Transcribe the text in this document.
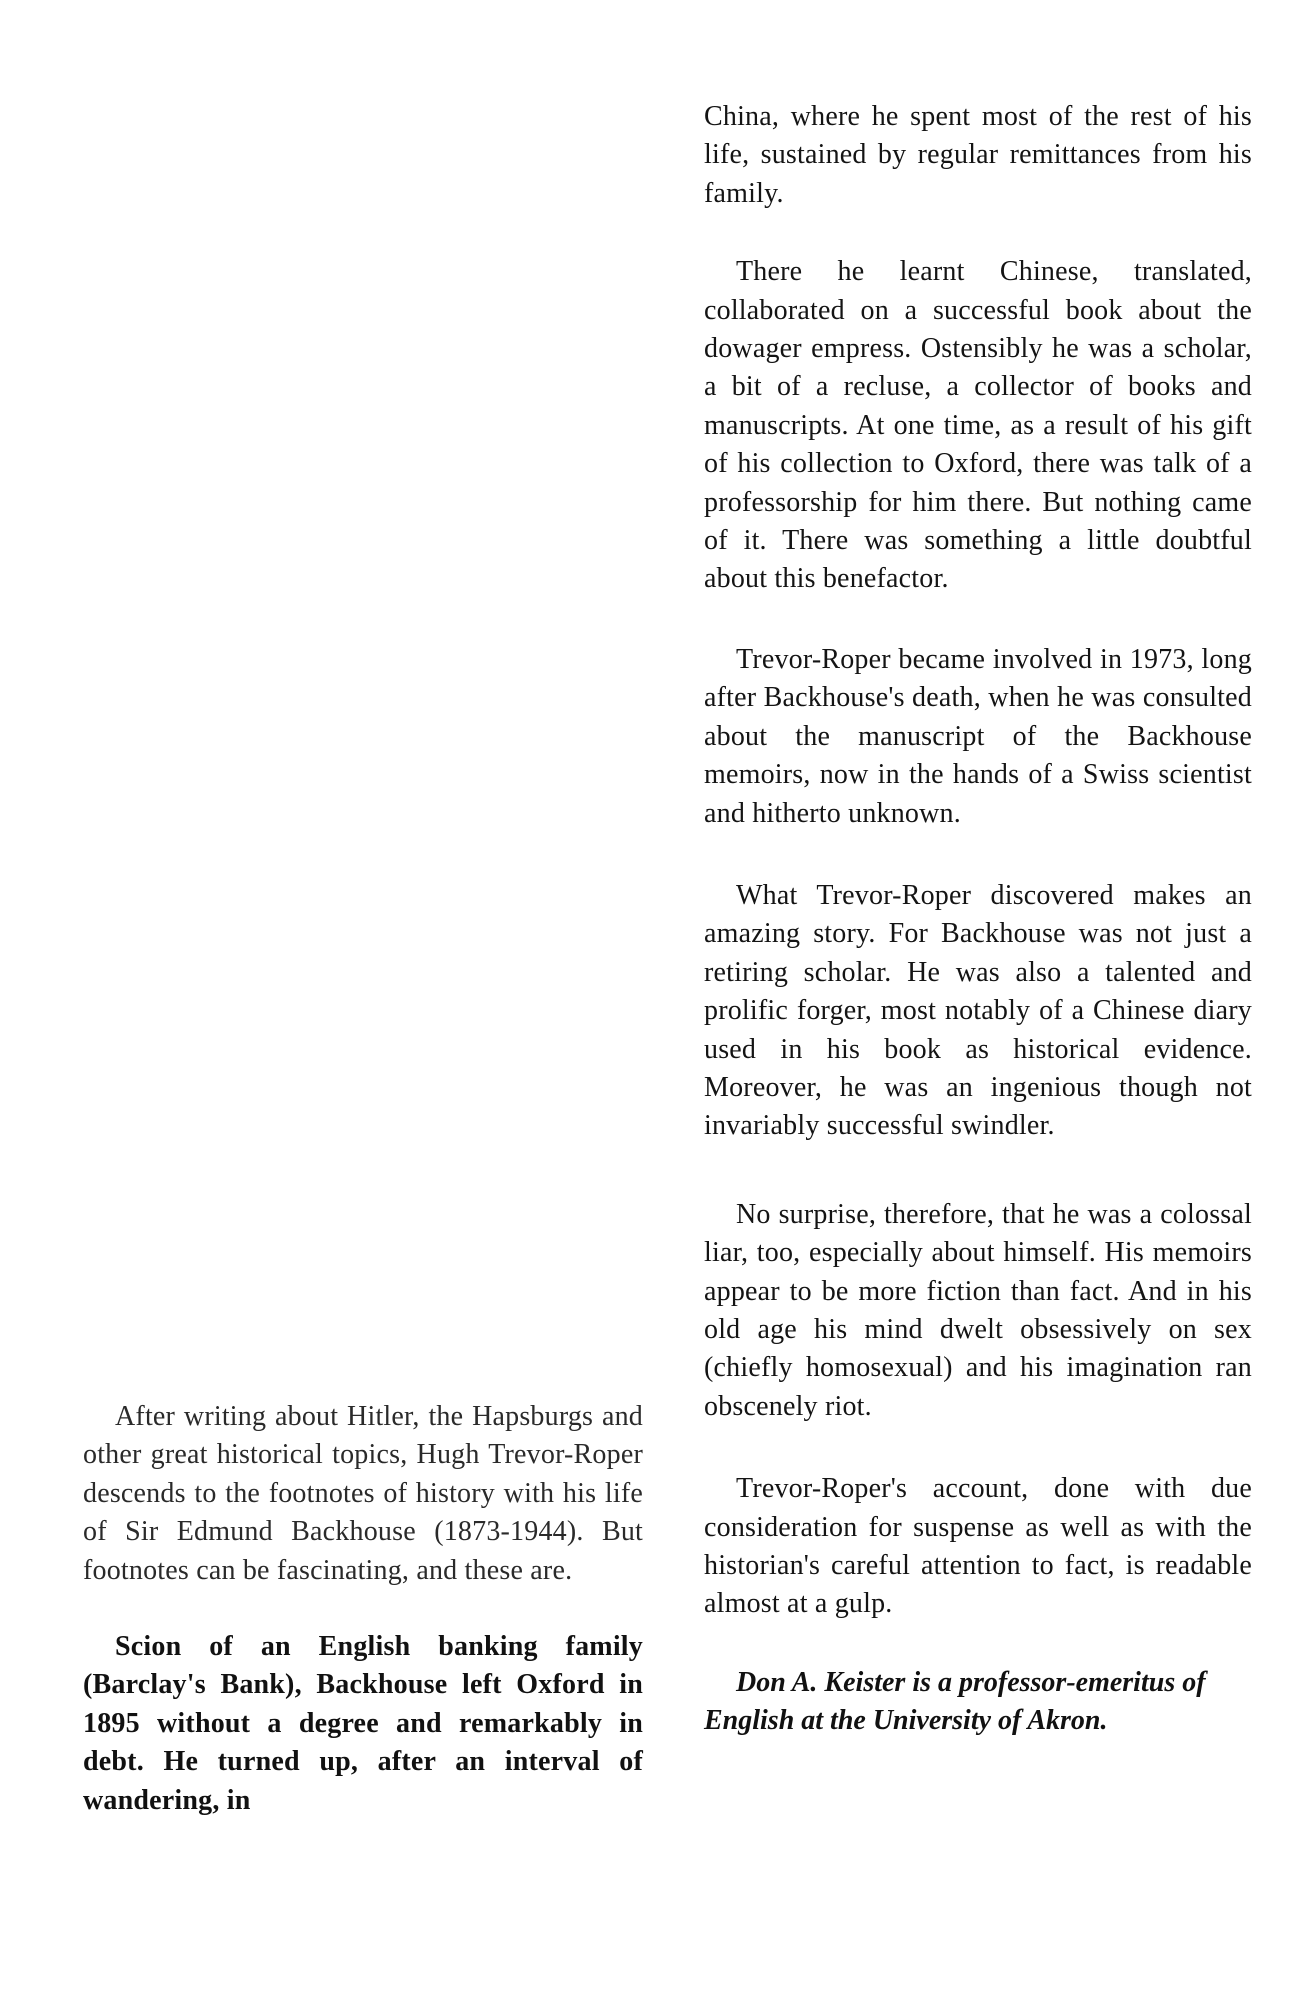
After writing about Hitler, the Hapsburgs and other great historical topics, Hugh Trevor-Roper descends to the footnotes of history with his life of Sir Edmund Backhouse (1873-1944). But footnotes can be fascinating, and these are.

Scion of an English banking family (Barclay's Bank), Backhouse left Oxford in 1895 without a degree and remarkably in debt. He turned up, after an interval of wandering, in

China, where he spent most of the rest of his life, sustained by regular remittances from his family.

There he learnt Chinese, translated, collaborated on a successful book about the dowager empress. Ostensibly he was a scholar, a bit of a recluse, a collector of books and manuscripts. At one time, as a result of his gift of his collection to Oxford, there was talk of a professorship for him there. But nothing came of it. There was something a little doubtful about this benefactor.

Trevor-Roper became involved in 1973, long after Backhouse's death, when he was consulted about the manuscript of the Backhouse memoirs, now in the hands of a Swiss scientist and hitherto unknown.

What Trevor-Roper discovered makes an amazing story. For Backhouse was not just a retiring scholar. He was also a talented and prolific forger, most notably of a Chinese diary used in his book as historical evidence. Moreover, he was an ingenious though not invariably successful swindler.

No surprise, therefore, that he was a colossal liar, too, especially about himself. His memoirs appear to be more fiction than fact. And in his old age his mind dwelt obsessively on sex (chiefly homosexual) and his imagination ran obscenely riot.

Trevor-Roper's account, done with due consideration for suspense as well as with the historian's careful attention to fact, is readable almost at a gulp.

Don A. Keister is a professor-emeritus of English at the University of Akron.
